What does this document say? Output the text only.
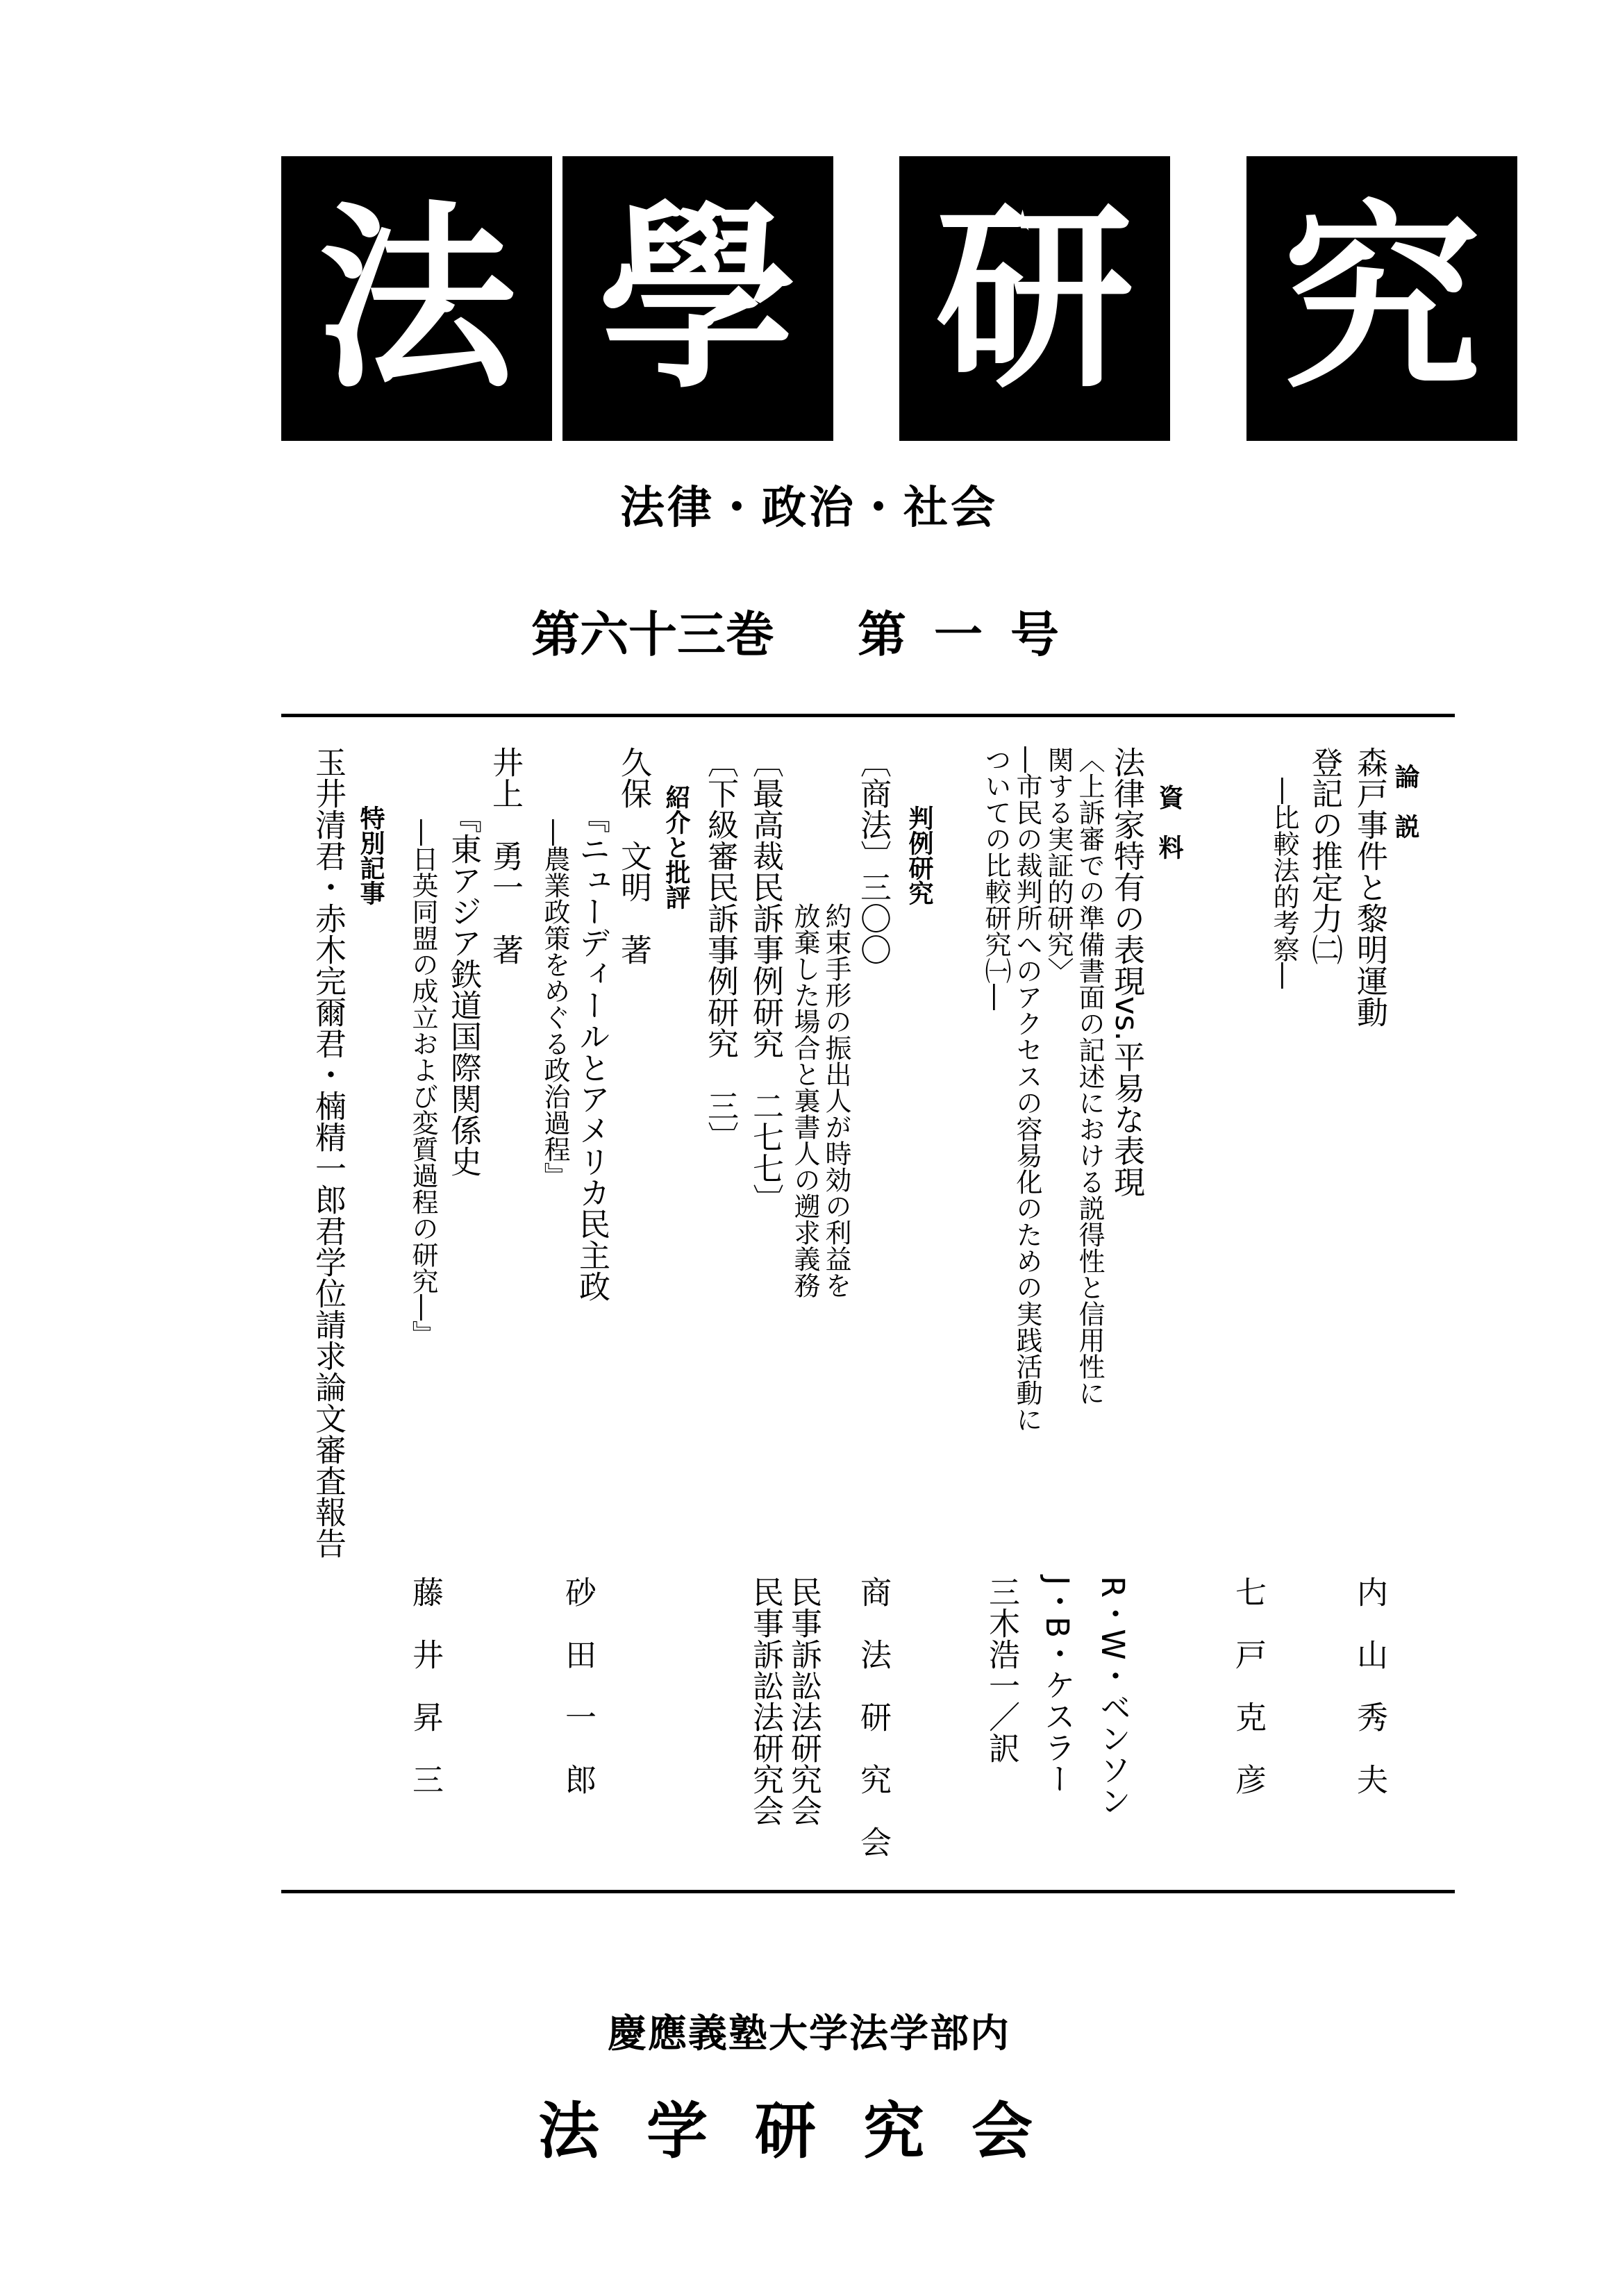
法 學 研 究
法律・政治・社会
第六十三巻 第一号
論　説
森戸事件と黎明運動
登記の推定力㈡
―比較法的考察―
資　料
法律家特有の表現vs.平易な表現
〈上訴審での準備書面の記述における説得性と信用性に
関する実証的研究〉
―市民の裁判所へのアクセスの容易化のための実践活動に
ついての比較研究㈠―
判例研究
〔商法〕三〇〇
約束手形の振出人が時効の利益を
放棄した場合と裏書人の遡求義務
〔最高裁民訴事例研究　二七七〕
〔下級審民訴事例研究　三〕
紹介と批評
久保　文明　著
『ニューディールとアメリカ民主政
―農業政策をめぐる政治過程』
井上　勇一　著
『東アジア鉄道国際関係史
―日英同盟の成立および変質過程の研究―』
特別記事
玉井清君・赤木完爾君・楠精一郎君学位請求論文審査報告
内　山　秀　夫
七　戸　克　彦
R・W・ベンソン
J・B・ケスラー
三木浩一／訳
商　法　研　究　会
民事訴訟法研究会
民事訴訟法研究会
砂　田　一　郎
藤　井　昇　三
慶應義塾大学法学部内
法学研究会
